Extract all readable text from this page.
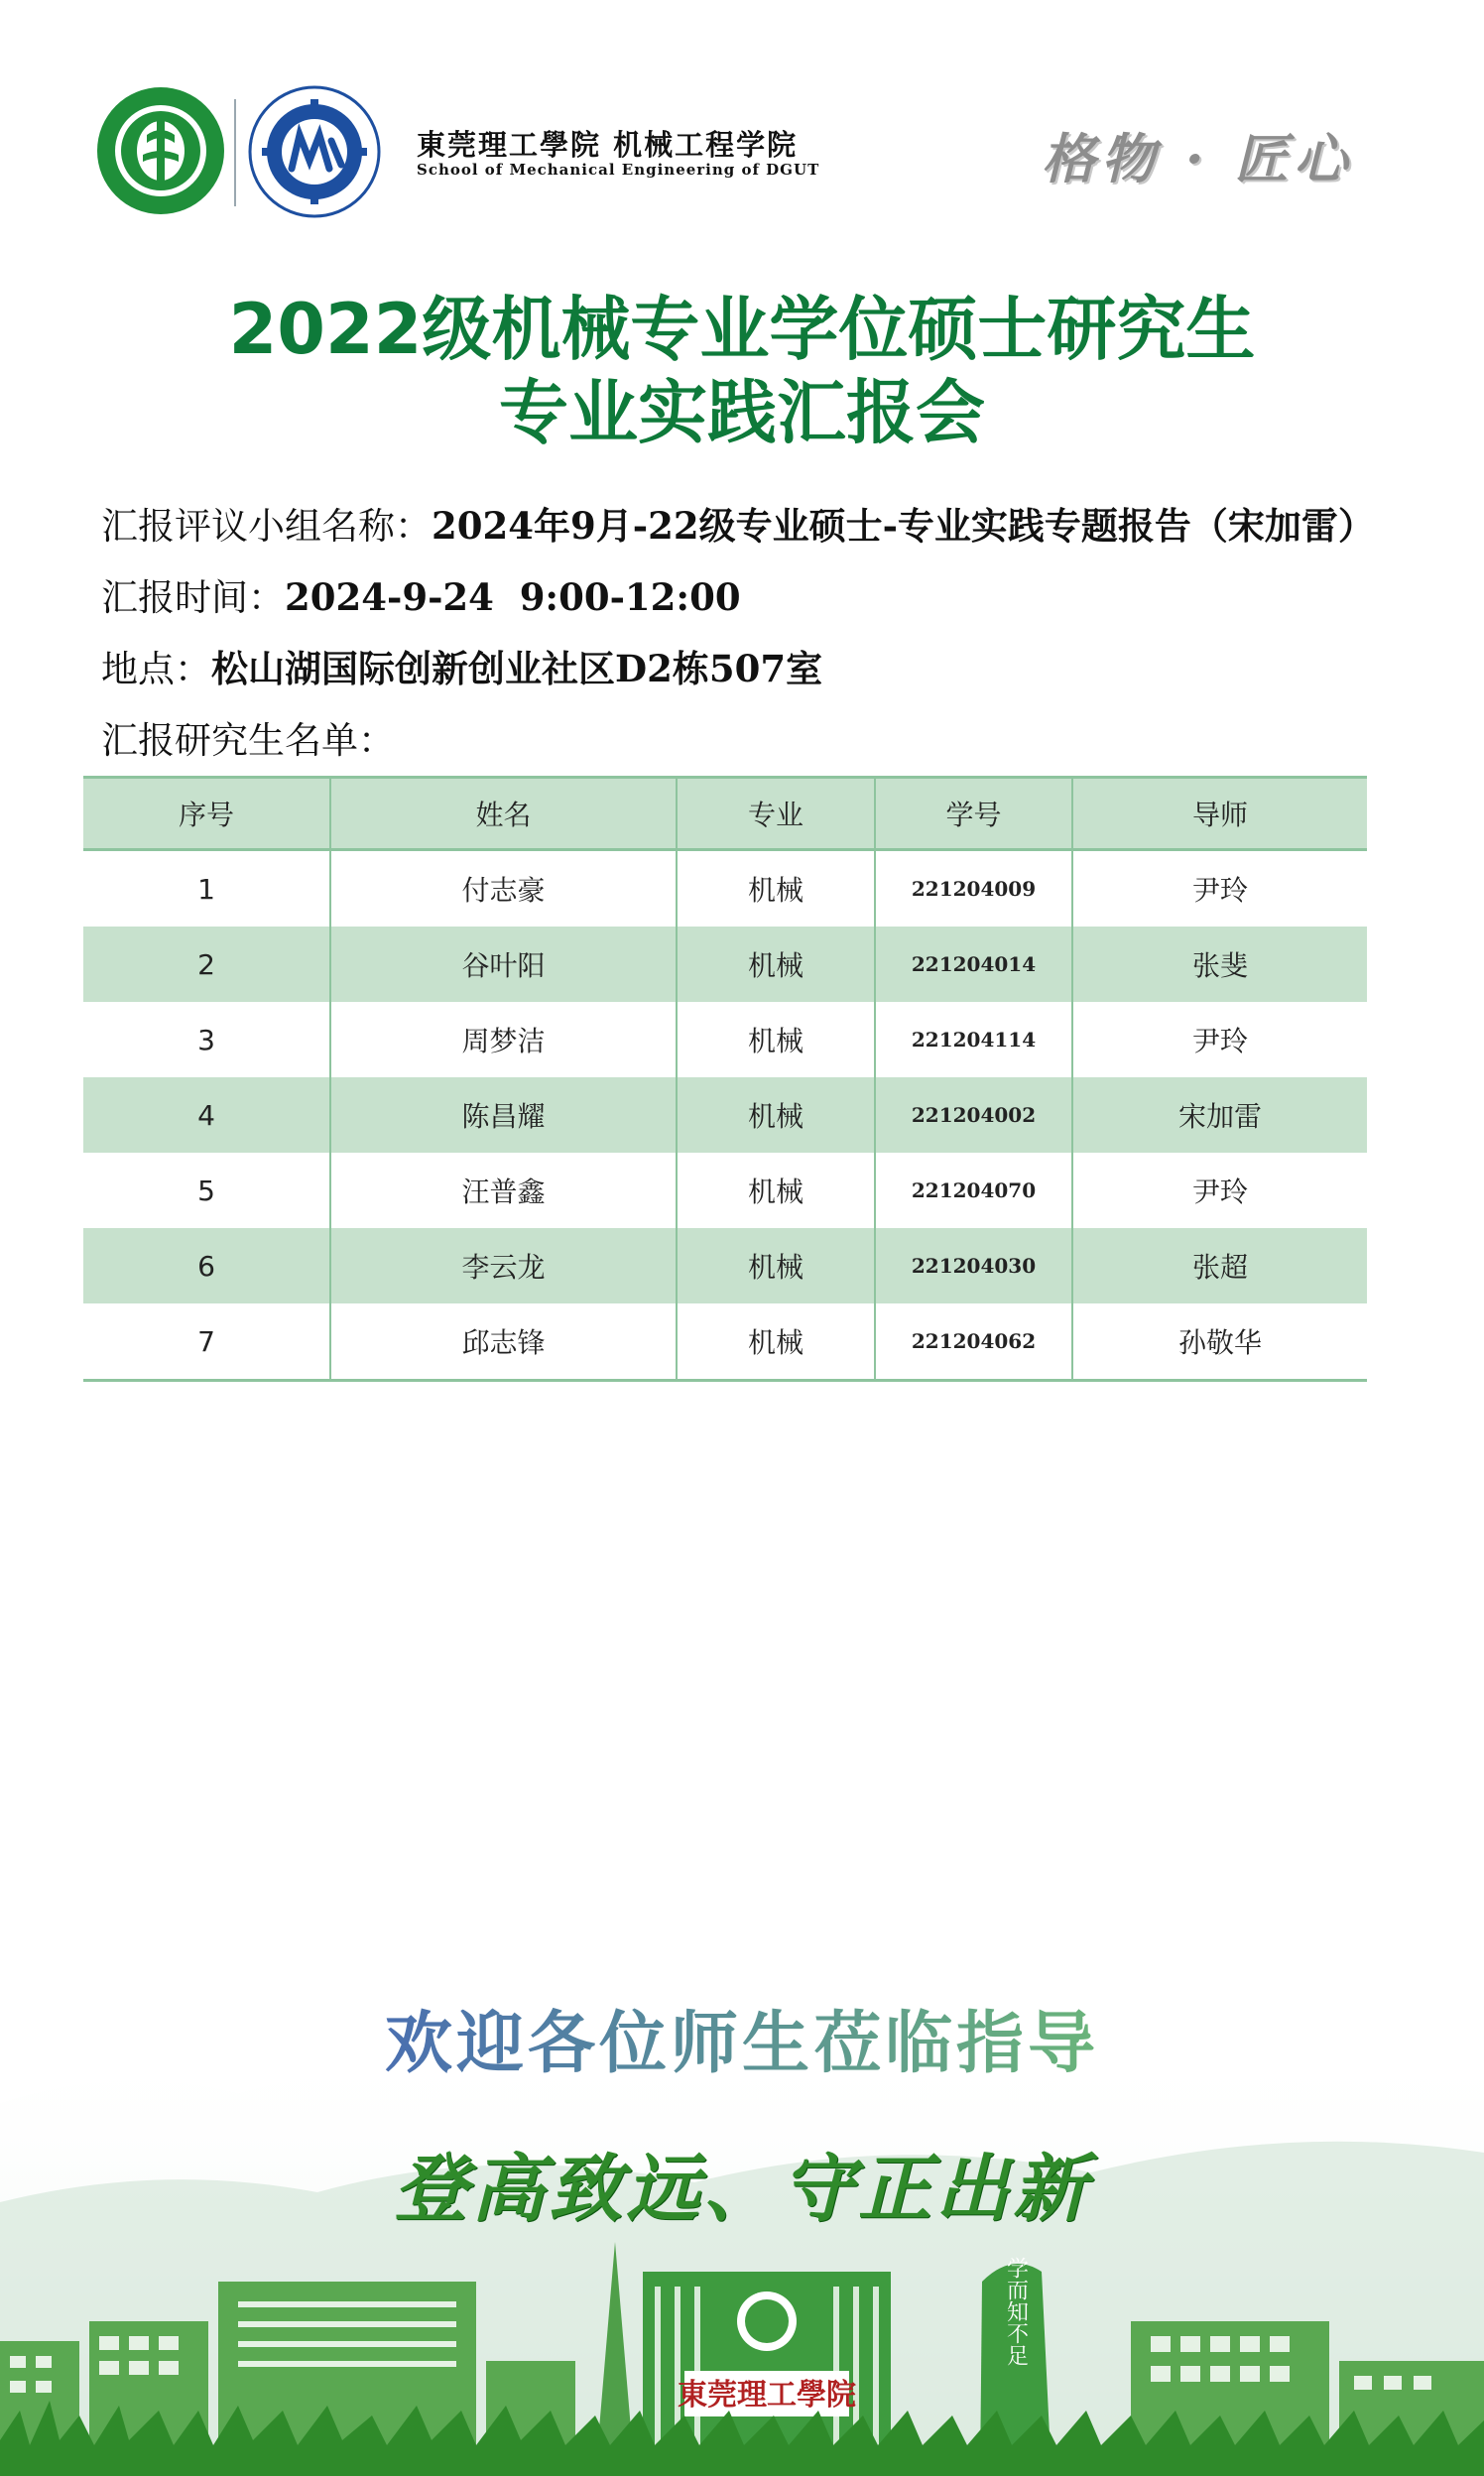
東莞理工學院 机械工程学院
School of Mechanical Engineering of DGUT	格物 · 匠心
2022级机械专业学位硕士研究生
专业实践汇报会
汇报评议小组名称：2024年9月-22级专业硕士-专业实践专题报告（宋加雷）
汇报时间：2024-9-24  9:00-12:00
地点：松山湖国际创新创业社区D2栋507室
汇报研究生名单：
序号	姓名	专业	学号	导师
1	付志豪	机械	221204009	尹玲
2	谷叶阳	机械	221204014	张斐
3	周梦洁	机械	221204114	尹玲
4	陈昌耀	机械	221204002	宋加雷
5	汪普鑫	机械	221204070	尹玲
6	李云龙	机械	221204030	张超
7	邱志锋	机械	221204062	孙敬华
東莞理工學院
学而知不足
欢迎各位师生莅临指导
登高致远、守正出新
